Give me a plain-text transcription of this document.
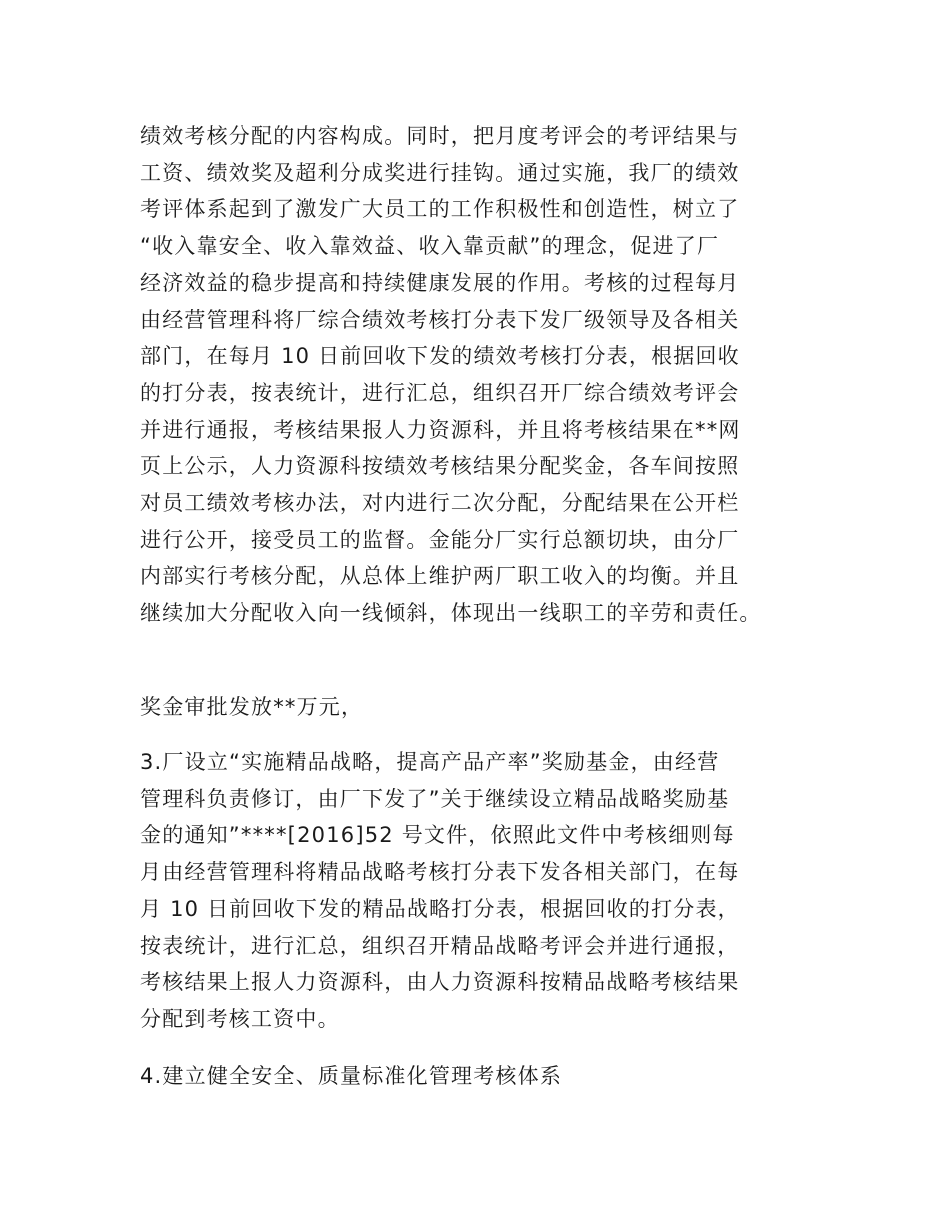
绩效考核分配的内容构成。同时，把月度考评会的考评结果与
工资、绩效奖及超利分成奖进行挂钩。通过实施，我厂的绩效
考评体系起到了激发广大员工的工作积极性和创造性，树立了
“收入靠安全、收入靠效益、收入靠贡献”的理念，促进了厂
经济效益的稳步提高和持续健康发展的作用。考核的过程每月
由经营管理科将厂综合绩效考核打分表下发厂级领导及各相关
部门，在每月 10 日前回收下发的绩效考核打分表，根据回收
的打分表，按表统计，进行汇总，组织召开厂综合绩效考评会
并进行通报，考核结果报人力资源科，并且将考核结果在**网
页上公示，人力资源科按绩效考核结果分配奖金，各车间按照
对员工绩效考核办法，对内进行二次分配，分配结果在公开栏
进行公开，接受员工的监督。金能分厂实行总额切块，由分厂
内部实行考核分配，从总体上维护两厂职工收入的均衡。并且
继续加大分配收入向一线倾斜，体现出一线职工的辛劳和责任。
奖金审批发放**万元，
3.厂设立“实施精品战略，提高产品产率”奖励基金，由经营
管理科负责修订，由厂下发了”关于继续设立精品战略奖励基
金的通知”****[2016]52 号文件，依照此文件中考核细则每
月由经营管理科将精品战略考核打分表下发各相关部门，在每
月 10 日前回收下发的精品战略打分表，根据回收的打分表，
按表统计，进行汇总，组织召开精品战略考评会并进行通报，
考核结果上报人力资源科，由人力资源科按精品战略考核结果
分配到考核工资中。
4.建立健全安全、质量标准化管理考核体系
